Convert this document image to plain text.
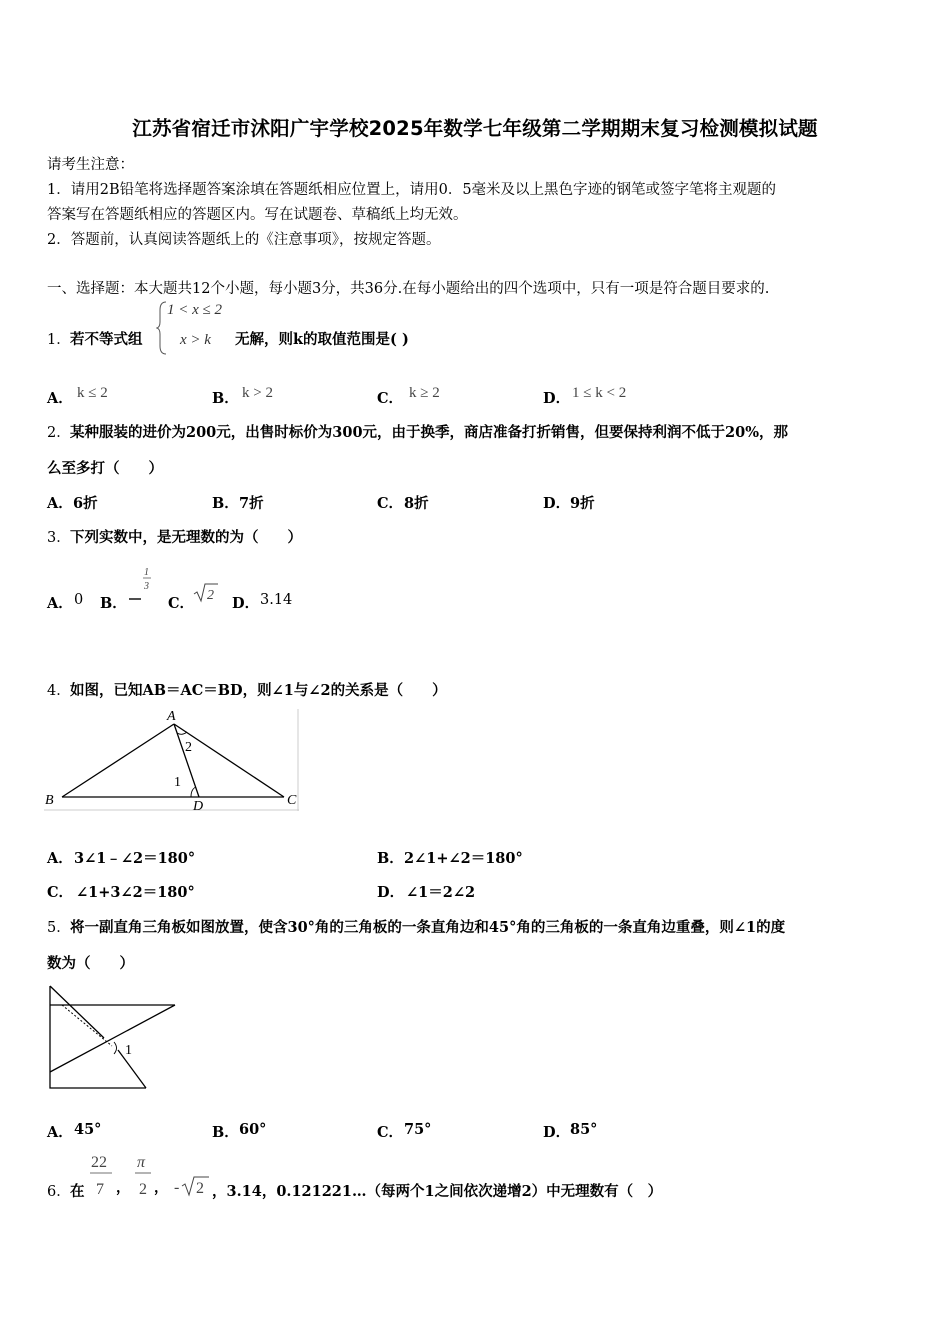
江苏省宿迁市沭阳广宇学校2025年数学七年级第二学期期末复习检测模拟试题
请考生注意：
1．请用2B铅笔将选择题答案涂填在答题纸相应位置上，请用0．5毫米及以上黑色字迹的钢笔或签字笔将主观题的
答案写在答题纸相应的答题区内。写在试题卷、草稿纸上均无效。
2．答题前，认真阅读答题纸上的《注意事项》，按规定答题。
一、选择题：本大题共12个小题，每小题3分，共36分.在每小题给出的四个选项中，只有一项是符合题目要求的.
1． 若不等式组
1 < x ≤ 2
x > k 无解，则k的取值范围是( )
A． k ≤ 2	B． k > 2	C． k ≥ 2	D． 1 ≤ k < 2
2． 某种服装的进价为200元，出售时标价为300元，由于换季，商店准备打折销售，但要保持利润不低于20%，那
么至多打（　　）
A． 6折	B． 7折	C． 8折	D． 9折
3． 下列实数中，是无理数的为（　　）
A． 0 B．
1
3
C． 2 D． 3.14
4． 如图，已知AB＝AC＝BD，则∠1与∠2的关系是（　　）
A
B	C
D
2
1
A． 3∠1﹣∠2＝180°	B． 2∠1+∠2＝180°
C． ∠1+3∠2＝180°	D． ∠1＝2∠2
5． 将一副直角三角板如图放置，使含30°角的三角板的一条直角边和45°角的三角板的一条直角边重叠，则∠1的度
数为（　　）
1
A． 45°	B． 60°	C． 75°	D． 85°
6． 在
22
7 ，
π
2 ， - 2 ，3.14，0.121221…（每两个1之间依次递增2）中无理数有（　）
